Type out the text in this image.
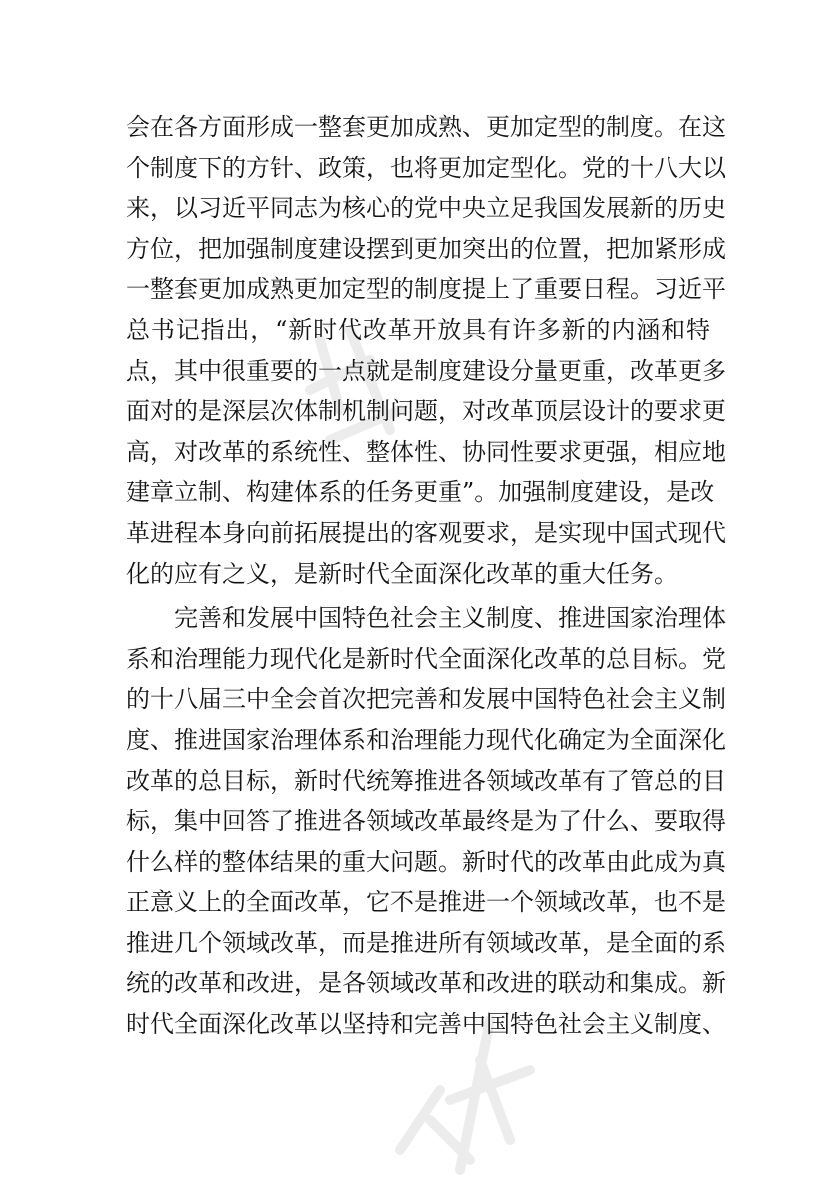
会在各方面形成一整套更加成熟、更加定型的制度。在这
个制度下的方针、政策，也将更加定型化。党的十八大以
来，以习近平同志为核心的党中央立足我国发展新的历史
方位，把加强制度建设摆到更加突出的位置，把加紧形成
一整套更加成熟更加定型的制度提上了重要日程。习近平
总书记指出，“新时代改革开放具有许多新的内涵和特
点，其中很重要的一点就是制度建设分量更重，改革更多
面对的是深层次体制机制问题，对改革顶层设计的要求更
高，对改革的系统性、整体性、协同性要求更强，相应地
建章立制、构建体系的任务更重”。加强制度建设，是改
革进程本身向前拓展提出的客观要求，是实现中国式现代
化的应有之义，是新时代全面深化改革的重大任务。
　　完善和发展中国特色社会主义制度、推进国家治理体
系和治理能力现代化是新时代全面深化改革的总目标。党
的十八届三中全会首次把完善和发展中国特色社会主义制
度、推进国家治理体系和治理能力现代化确定为全面深化
改革的总目标，新时代统筹推进各领域改革有了管总的目
标，集中回答了推进各领域改革最终是为了什么、要取得
什么样的整体结果的重大问题。新时代的改革由此成为真
正意义上的全面改革，它不是推进一个领域改革，也不是
推进几个领域改革，而是推进所有领域改革，是全面的系
统的改革和改进，是各领域改革和改进的联动和集成。新
时代全面深化改革以坚持和完善中国特色社会主义制度、
